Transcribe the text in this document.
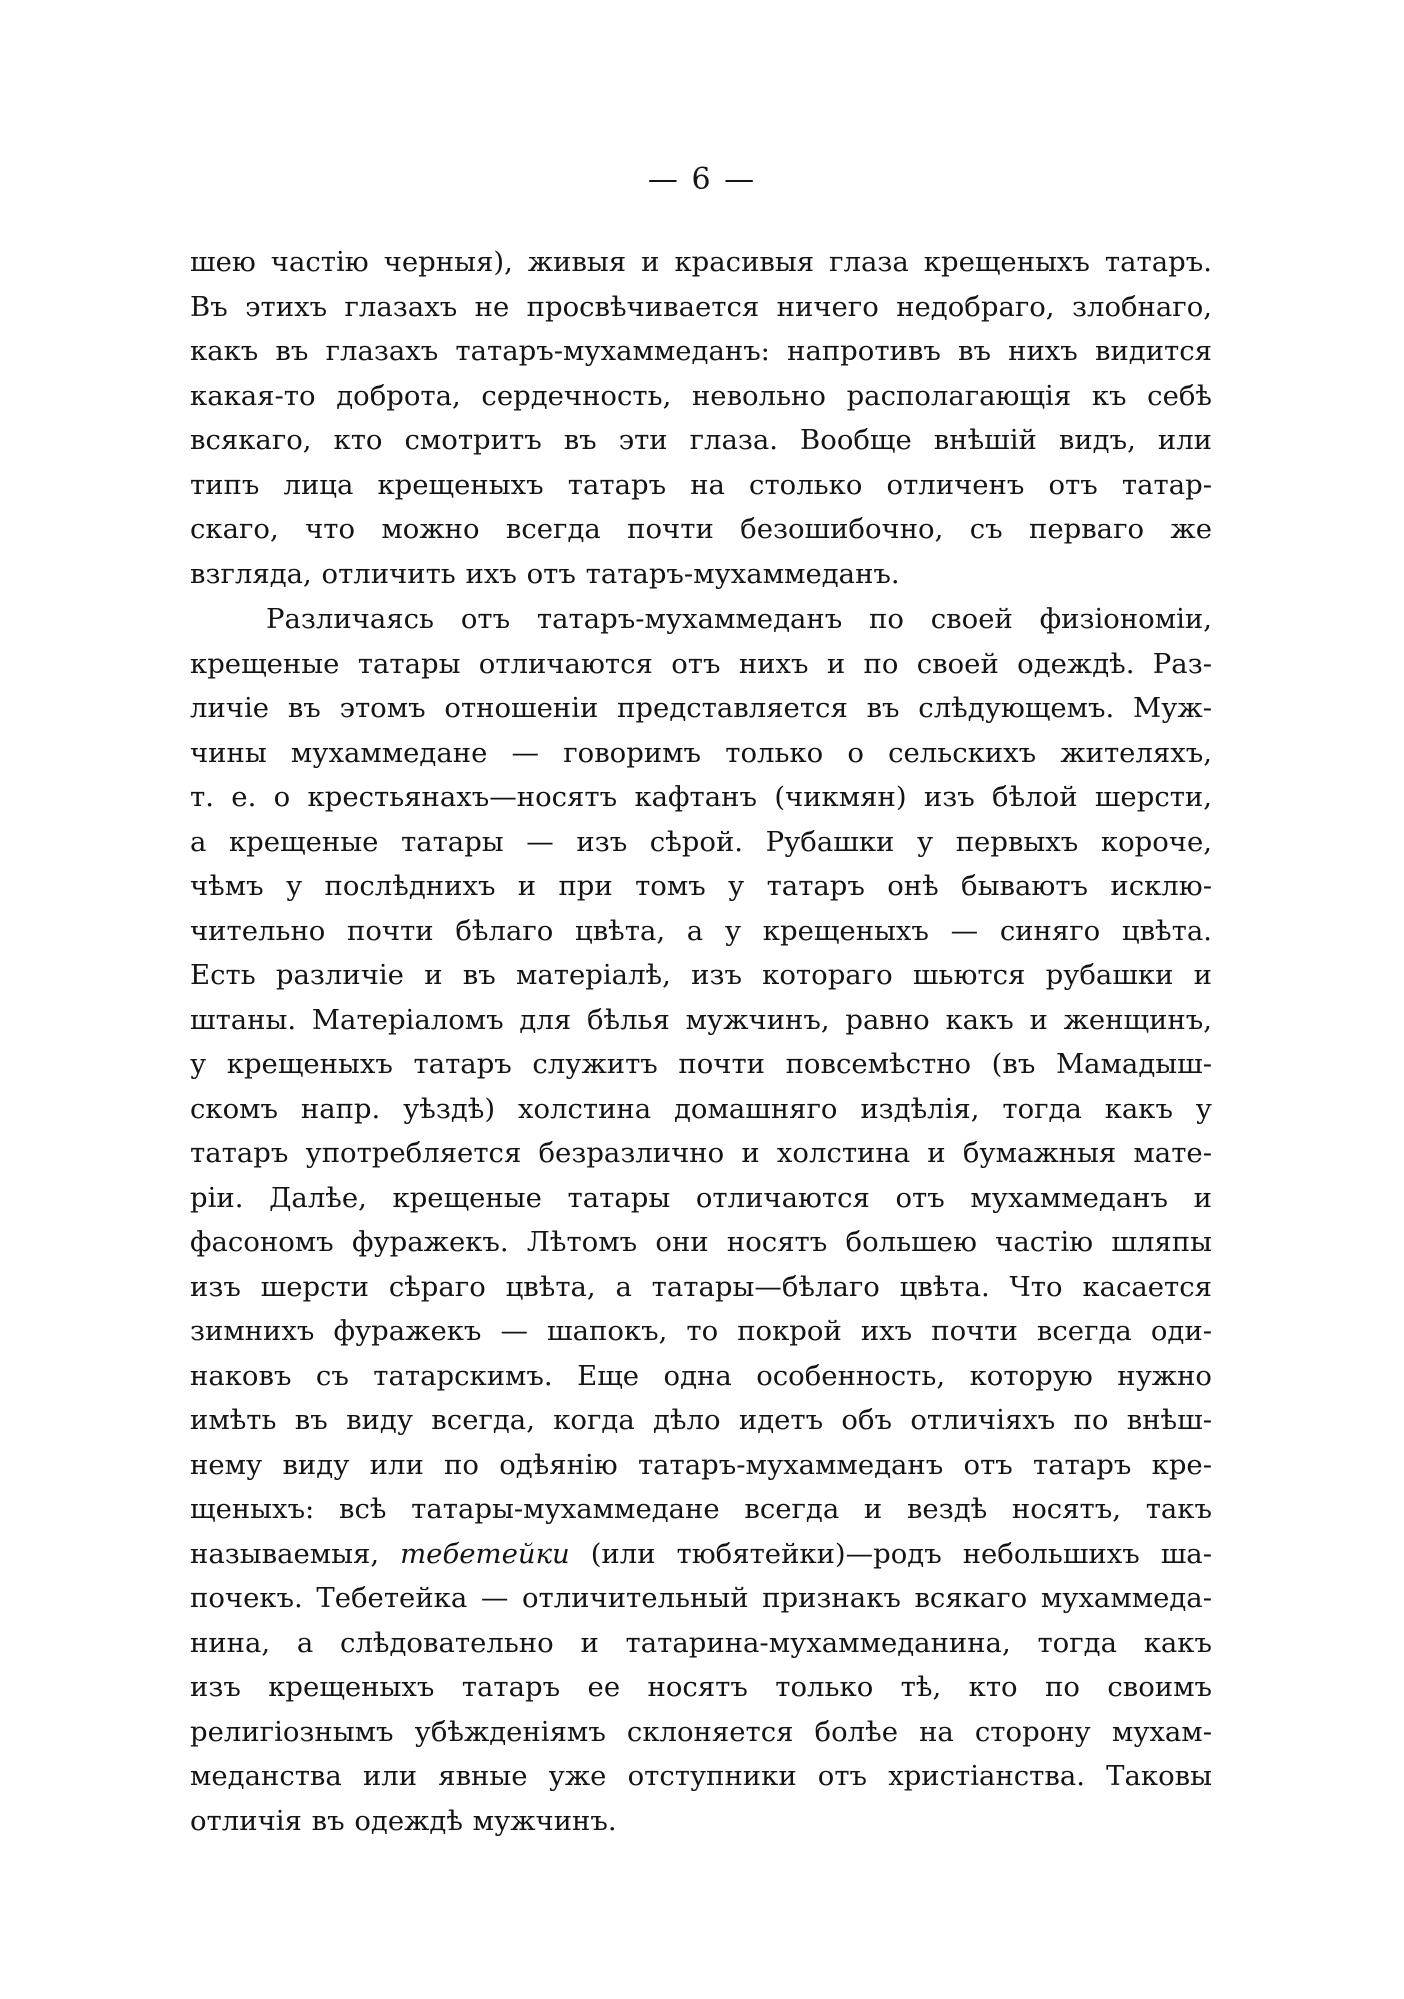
— 6 —
шею частію черныя), живыя и красивыя глаза крещеныхъ татаръ.
Въ этихъ глазахъ не просвѣчивается ничего недобраго, злобнаго,
какъ въ глазахъ татаръ-мухаммеданъ: напротивъ въ нихъ видится
какая-то доброта, сердечность, невольно располагающія къ себѣ
всякаго, кто смотритъ въ эти глаза. Вообще внѣшій видъ, или
типъ лица крещеныхъ татаръ на столько отличенъ отъ татар-
скаго, что можно всегда почти безошибочно, съ перваго же
взгляда, отличить ихъ отъ татаръ-мухаммеданъ.
Различаясь отъ татаръ-мухаммеданъ по своей физіономіи,
крещеные татары отличаются отъ нихъ и по своей одеждѣ. Раз-
личіе въ этомъ отношеніи представляется въ слѣдующемъ. Муж-
чины мухаммедане — говоримъ только о сельскихъ жителяхъ,
т. е. о крестьянахъ—носятъ кафтанъ (чикмян) изъ бѣлой шерсти,
а крещеные татары — изъ сѣрой. Рубашки у первыхъ короче,
чѣмъ у послѣднихъ и при томъ у татаръ онѣ бываютъ исклю-
чительно почти бѣлаго цвѣта, а у крещеныхъ — синяго цвѣта.
Есть различіе и въ матеріалѣ, изъ котораго шьются рубашки и
штаны. Матеріаломъ для бѣлья мужчинъ, равно какъ и женщинъ,
у крещеныхъ татаръ служитъ почти повсемѣстно (въ Мамадыш-
скомъ напр. уѣздѣ) холстина домашняго издѣлія, тогда какъ у
татаръ употребляется безразлично и холстина и бумажныя мате-
ріи. Далѣе, крещеные татары отличаются отъ мухаммеданъ и
фасономъ фуражекъ. Лѣтомъ они носятъ большею частію шляпы
изъ шерсти сѣраго цвѣта, а татары—бѣлаго цвѣта. Что касается
зимнихъ фуражекъ — шапокъ, то покрой ихъ почти всегда оди-
наковъ съ татарскимъ. Еще одна особенность, которую нужно
имѣть въ виду всегда, когда дѣло идетъ объ отличіяхъ по внѣш-
нему виду или по одѣянію татаръ-мухаммеданъ отъ татаръ кре-
щеныхъ: всѣ татары-мухаммедане всегда и вездѣ носятъ, такъ
называемыя, тебетейки (или тюбятейки)—родъ небольшихъ ша-
почекъ. Тебетейка — отличительный признакъ всякаго мухаммеда-
нина, а слѣдовательно и татарина-мухаммеданина, тогда какъ
изъ крещеныхъ татаръ ее носятъ только тѣ, кто по своимъ
религіознымъ убѣжденіямъ склоняется болѣе на сторону мухам-
меданства или явные уже отступники отъ христіанства. Таковы
отличія въ одеждѣ мужчинъ.
